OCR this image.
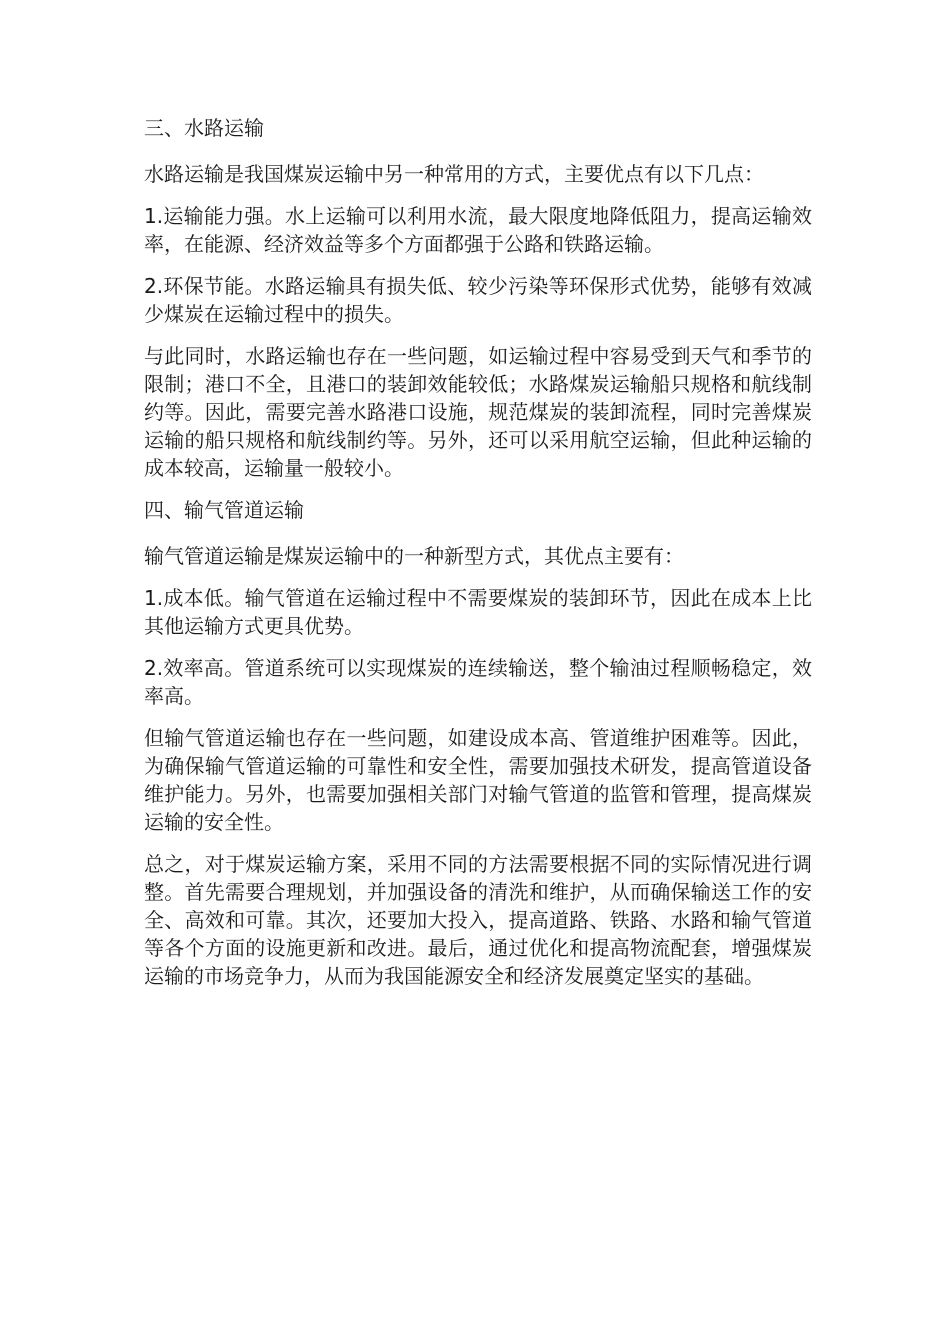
三、水路运输

水路运输是我国煤炭运输中另一种常用的方式，主要优点有以下几点：

1.运输能力强。水上运输可以利用水流，最大限度地降低阻力，提高运输效率，在能源、经济效益等多个方面都强于公路和铁路运输。

2.环保节能。水路运输具有损失低、较少污染等环保形式优势，能够有效减少煤炭在运输过程中的损失。

与此同时，水路运输也存在一些问题，如运输过程中容易受到天气和季节的限制；港口不全，且港口的装卸效能较低；水路煤炭运输船只规格和航线制约等。因此，需要完善水路港口设施，规范煤炭的装卸流程，同时完善煤炭运输的船只规格和航线制约等。另外，还可以采用航空运输，但此种运输的成本较高，运输量一般较小。

四、输气管道运输

输气管道运输是煤炭运输中的一种新型方式，其优点主要有：

1.成本低。输气管道在运输过程中不需要煤炭的装卸环节，因此在成本上比其他运输方式更具优势。

2.效率高。管道系统可以实现煤炭的连续输送，整个输油过程顺畅稳定，效率高。

但输气管道运输也存在一些问题，如建设成本高、管道维护困难等。因此，为确保输气管道运输的可靠性和安全性，需要加强技术研发，提高管道设备维护能力。另外，也需要加强相关部门对输气管道的监管和管理，提高煤炭运输的安全性。

总之，对于煤炭运输方案，采用不同的方法需要根据不同的实际情况进行调整。首先需要合理规划，并加强设备的清洗和维护，从而确保输送工作的安全、高效和可靠。其次，还要加大投入，提高道路、铁路、水路和输气管道等各个方面的设施更新和改进。最后，通过优化和提高物流配套，增强煤炭运输的市场竞争力，从而为我国能源安全和经济发展奠定坚实的基础。
